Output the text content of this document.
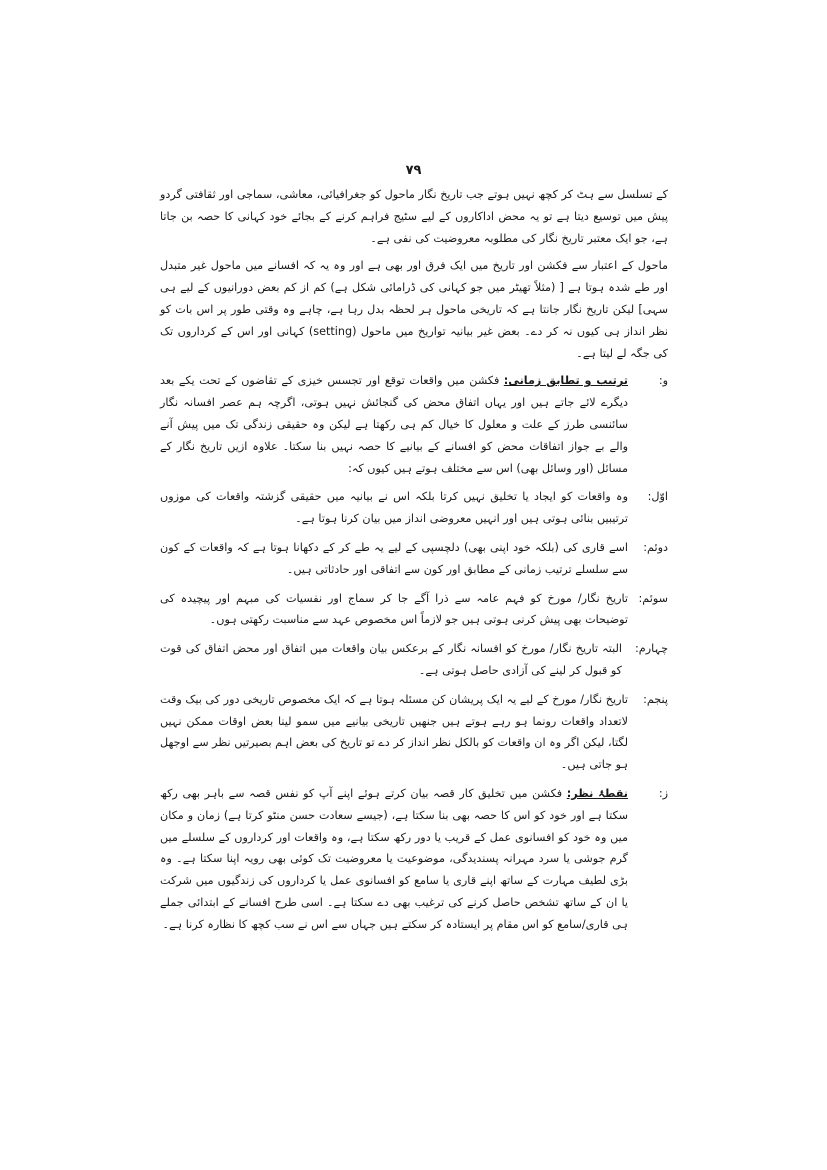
۷۹

کے تسلسل سے ہٹ کر کچھ نہیں ہوتے جب تاریخ نگار ماحول کو جغرافیائی، معاشی، سماجی اور ثقافتی گردو پیش میں توسیع دیتا ہے تو یہ محض اداکاروں کے لیے سٹیج فراہم کرنے کے بجائے خود کہانی کا حصہ بن جاتا ہے، جو ایک معتبر تاریخ نگار کی مطلوبہ معروضیت کی نفی ہے۔

ماحول کے اعتبار سے فکشن اور تاریخ میں ایک فرق اور بھی ہے اور وہ یہ کہ افسانے میں ماحول غیر متبدل اور طے شدہ ہوتا ہے [ (مثلاً تھیٹر میں جو کہانی کی ڈرامائی شکل ہے) کم از کم بعض دورانیوں کے لیے ہی سہی] لیکن تاریخ نگار جانتا ہے کہ تاریخی ماحول ہر لحظہ بدل رہا ہے، چاہے وہ وقتی طور پر اس بات کو نظر انداز ہی کیوں نہ کر دے۔ بعض غیر بیانیہ تواریخ میں ماحول (setting) کہانی اور اس کے کرداروں تک کی جگہ لے لیتا ہے۔

و:
ترتیب و تطابق زمانی: فکشن میں واقعات توقع اور تجسس خیزی کے تقاضوں کے تحت یکے بعد دیگرے لائے جاتے ہیں اور یہاں اتفاق محض کی گنجائش نہیں ہوتی، اگرچہ ہم عصر افسانہ نگار سائنسی طرز کے علت و معلول کا خیال کم ہی رکھتا ہے لیکن وہ حقیقی زندگی تک میں پیش آنے والے بے جواز اتفاقات محض کو افسانے کے بیانیے کا حصہ نہیں بنا سکتا۔ علاوہ ازیں تاریخ نگار کے مسائل (اور وسائل بھی) اس سے مختلف ہوتے ہیں کیوں کہ:
اوّل:
وہ واقعات کو ایجاد یا تخلیق نہیں کرتا بلکہ اس نے بیانیہ میں حقیقی گزشتہ واقعات کی موزوں ترتیبیں بنائی ہوتی ہیں اور انہیں معروضی انداز میں بیان کرنا ہوتا ہے۔
دوئم:
اسے قاری کی (بلکہ خود اپنی بھی) دلچسپی کے لیے یہ طے کر کے دکھانا ہوتا ہے کہ واقعات کے کون سے سلسلے ترتیب زمانی کے مطابق اور کون سے اتفاقی اور حادثاتی ہیں۔
سوئم:
تاریخ نگار/ مورخ کو فہم عامہ سے ذرا آگے جا کر سماج اور نفسیات کی مبہم اور پیچیدہ کی توضیحات بھی پیش کرنی ہوتی ہیں جو لازماً اس مخصوص عہد سے مناسبت رکھتی ہوں۔
چہارم:
البتہ تاریخ نگار/ مورخ کو افسانہ نگار کے برعکس بیان واقعات میں اتفاق اور محض اتفاق کی قوت کو قبول کر لینے کی آزادی حاصل ہوتی ہے۔
پنجم:
تاریخ نگار/ مورخ کے لیے یہ ایک پریشان کن مسئلہ ہوتا ہے کہ ایک مخصوص تاریخی دور کی بیک وقت لاتعداد واقعات رونما ہو رہے ہوتے ہیں جنھیں تاریخی بیانیے میں سمو لینا بعض اوقات ممکن نہیں لگتا، لیکن اگر وہ ان واقعات کو بالکل نظر انداز کر دے تو تاریخ کی بعض اہم بصیرتیں نظر سے اوجھل ہو جاتی ہیں۔
ز:
نقطۂ نظر: فکشن میں تخلیق کار قصہ بیان کرتے ہوئے اپنے آپ کو نفس قصہ سے باہر بھی رکھ سکتا ہے اور خود کو اس کا حصہ بھی بنا سکتا ہے، (جیسے سعادت حسن منٹو کرتا ہے) زمان و مکان میں وہ خود کو افسانوی عمل کے قریب یا دور رکھ سکتا ہے، وہ واقعات اور کرداروں کے سلسلے میں گرم جوشی یا سرد مہرانہ پسندیدگی، موضوعیت یا معروضیت تک کوئی بھی رویہ اپنا سکتا ہے۔ وہ بڑی لطیف مہارت کے ساتھ اپنے قاری یا سامع کو افسانوی عمل یا کرداروں کی زندگیوں میں شرکت یا ان کے ساتھ تشخص حاصل کرنے کی ترغیب بھی دے سکتا ہے۔ اسی طرح افسانے کے ابتدائی جملے ہی قاری/سامع کو اس مقام پر ایستادہ کر سکتے ہیں جہاں سے اس نے سب کچھ کا نظارہ کرنا ہے۔
